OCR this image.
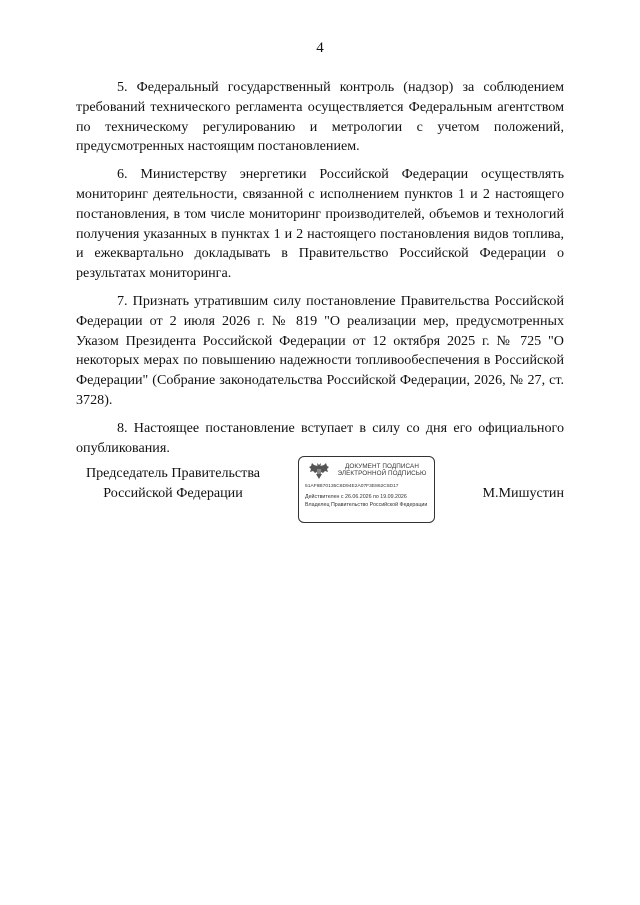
4

5. Федеральный государственный контроль (надзор) за соблюдением требований технического регламента осуществляется Федеральным агентством по техническому регулированию и метрологии с учетом положений, предусмотренных настоящим постановлением.

6. Министерству энергетики Российской Федерации осуществлять мониторинг деятельности, связанной с исполнением пунктов 1 и 2 настоящего постановления, в том числе мониторинг производителей, объемов и технологий получения указанных в пунктах 1 и 2 настоящего постановления видов топлива, и ежеквартально докладывать в Правительство Российской Федерации о результатах мониторинга.

7. Признать утратившим силу постановление Правительства Российской Федерации от 2 июля 2026 г. № 819 "О реализации мер, предусмотренных Указом Президента Российской Федерации от 12 октября 2025 г. № 725 "О некоторых мерах по повышению надежности топливообеспечения в Российской Федерации" (Собрание законодательства Российской Федерации, 2026, № 27, ст. 3728).

8. Настоящее постановление вступает в силу со дня его официального опубликования.

Председатель Правительства
Российской Федерации
ДОКУМЕНТ ПОДПИСАН
ЭЛЕКТРОННОЙ ПОДПИСЬЮ
51AF8B70135C6D94E2A07F3E862C5D17
Действителен с 26.06.2026 по 19.09.2026
Владелец Правительство Российской Федерации
М.Мишустин
